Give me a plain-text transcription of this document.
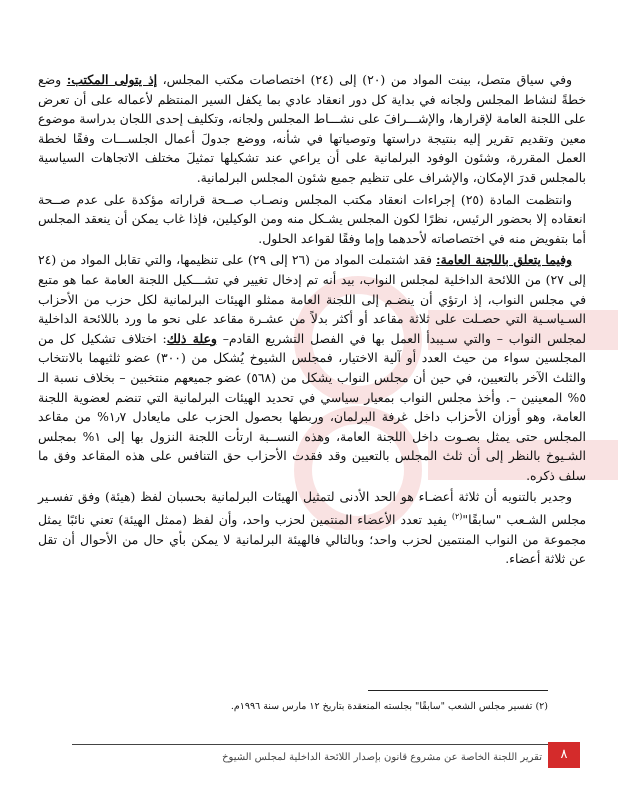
وفي سياق متصل، بينت المواد من (٢٠) إلى (٢٤) اختصاصات مكتب المجلس، إذ يتولى المكتب: وضع خطةً لنشاط المجلس ولجانه في بداية كل دور انعقاد عادي بما يكفل السير المنتظم لأعماله على أن تعرض على اللجنة العامة لإقرارها، والإشـــرافَ على نشـــاط المجلس ولجانه، وتكليف إحدى اللجان بدراسة موضوع معين وتقديم تقرير إليه بنتيجة دراستها وتوصياتها في شأنه، ووضع جدولَ أعمال الجلســـات وفقًا لخطة العمل المقررة، وشئون الوفود البرلمانية على أن يراعي عند تشكيلها تمثيلَ مختلف الاتجاهات السياسية بالمجلس قدرَ الإمكان، والإشراف على تنظيم جميع شئون المجلس البرلمانية.

وانتظمت المادة (٢٥) إجراءات انعقاد مكتب المجلس ونصـاب صــحة قراراته مؤكدة على عدم صــحة انعقاده إلا بحضور الرئيس، نظرًا لكون المجلس يشـكل منه ومن الوكيلين، فإذا غاب يمكن أن ينعقد المجلس أما بتفويض منه في اختصاصاته لأحدهما وإما وفقًا لقواعد الحلول.

وفيما يتعلق باللجنة العامة: فقد اشتملت المواد من (٢٦ إلى ٢٩) على تنظيمها، والتي تقابل المواد من (٢٤ إلى ٢٧) من اللائحة الداخلية لمجلس النواب، بيد أنه تم إدخال تغيير في تشـــكيل اللجنة العامة عما هو متبع في مجلس النواب، إذ ارتؤي أن ينضـم إلى اللجنة العامة ممثلو الهيئات البرلمانية لكل حزب من الأحزاب السـياسـية التي حصـلت على ثلاثة مقاعد أو أكثر بدلاً من عشـرة مقاعد على نحو ما ورد باللائحة الداخلية لمجلس النواب – والتي سـيبدأ العمل بها في الفصل التشريع القادم– وعلة ذلك: اختلاف تشكيل كل من المجلسين سواء من حيث العدد أو آلية الاختيار، فمجلس الشيوخ يُشكل من (٣٠٠) عضو ثلثيهما بالانتخاب والثلث الآخر بالتعيين، في حين أن مجلس النواب يشكل من (٥٦٨) عضو جميعهم منتخبين – بخلاف نسبة الـ ٥% المعينين –. وأخذ مجلس النواب بمعيار سياسي في تحديد الهيئات البرلمانية التي تنضم لعضوية اللجنة العامة، وهو أوزان الأحزاب داخل غرفة البرلمان، وربطها بحصول الحزب على مايعادل ١٫٧% من مقاعد المجلس حتى يمثل بصـوت داخل اللجنة العامة، وهذه النســبة ارتأت اللجنة النزول بها إلى ١% بمجلس الشـيوخ بالنظر إلى أن ثلث المجلس بالتعيين وقد فقدت الأحزاب حق التنافس على هذه المقاعد وفق ما سلف ذكره.

وجدير بالتنويه أن ثلاثة أعضـاء هو الحد الأدنى لتمثيل الهيئات البرلمانية بحسبان لفظ (هيئة) وفق تفسـير مجلس الشـعب "سابقًا"$^{(٢)}$ يفيد تعدد الأعضاء المنتمين لحزب واحد، وأن لفظ (ممثل الهيئة) تعني نائبًا يمثل مجموعة من النواب المنتمين لحزب واحد؛ وبالتالي فالهيئة البرلمانية لا يمكن بأي حال من الأحوال أن تقل عن ثلاثة أعضاء.

(٢) تفسير مجلس الشعب "سابقًا" بجلسته المنعقدة بتاريخ ١٢ مارس سنة ١٩٩٦م.
تقرير اللجنة الخاصة عن مشروع قانون بإصدار اللائحة الداخلية لمجلس الشيوخ	٨
